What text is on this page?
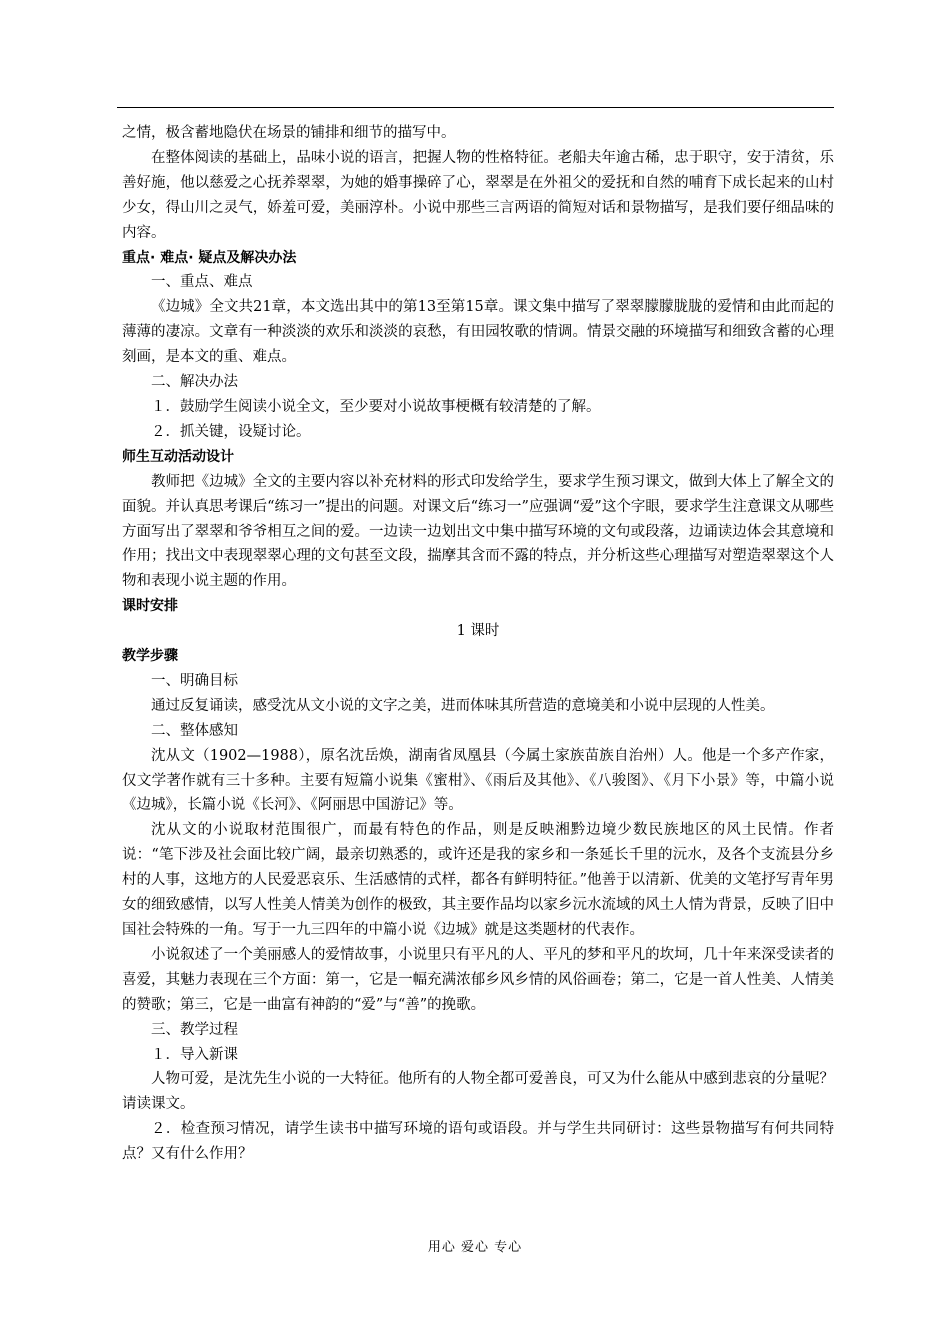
之情，极含蓄地隐伏在场景的铺排和细节的描写中。

在整体阅读的基础上，品味小说的语言，把握人物的性格特征。老船夫年逾古稀，忠于职守，安于清贫，乐善好施，他以慈爱之心抚养翠翠，为她的婚事操碎了心，翠翠是在外祖父的爱抚和自然的哺育下成长起来的山村少女，得山川之灵气，娇羞可爱，美丽淳朴。小说中那些三言两语的简短对话和景物描写，是我们要仔细品味的内容。

重点· 难点· 疑点及解决办法

一、重点、难点

《边城》全文共21章，本文选出其中的第13至第15章。课文集中描写了翠翠朦朦胧胧的爱情和由此而起的薄薄的凄凉。文章有一种淡淡的欢乐和淡淡的哀愁，有田园牧歌的情调。情景交融的环境描写和细致含蓄的心理刻画，是本文的重、难点。

二、解决办法

１．鼓励学生阅读小说全文，至少要对小说故事梗概有较清楚的了解。

２．抓关键，设疑讨论。

师生互动活动设计

教师把《边城》全文的主要内容以补充材料的形式印发给学生，要求学生预习课文，做到大体上了解全文的面貌。并认真思考课后“练习一”提出的问题。对课文后“练习一”应强调“爱”这个字眼，要求学生注意课文从哪些方面写出了翠翠和爷爷相互之间的爱。一边读一边划出文中集中描写环境的文句或段落，边诵读边体会其意境和作用；找出文中表现翠翠心理的文句甚至文段，揣摩其含而不露的特点，并分析这些心理描写对塑造翠翠这个人物和表现小说主题的作用。

课时安排

1 课时

教学步骤

一、明确目标

通过反复诵读，感受沈从文小说的文字之美，进而体味其所营造的意境美和小说中层现的人性美。

二、整体感知

沈从文（1902—1988），原名沈岳焕，湖南省凤凰县（今属土家族苗族自治州）人。他是一个多产作家，仅文学著作就有三十多种。主要有短篇小说集《蜜柑》、《雨后及其他》、《八骏图》、《月下小景》等，中篇小说《边城》，长篇小说《长河》、《阿丽思中国游记》等。

沈从文的小说取材范围很广，而最有特色的作品，则是反映湘黔边境少数民族地区的风土民情。作者说：“笔下涉及社会面比较广阔，最亲切熟悉的，或许还是我的家乡和一条延长千里的沅水，及各个支流县分乡村的人事，这地方的人民爱恶哀乐、生活感情的式样，都各有鲜明特征。”他善于以清新、优美的文笔抒写青年男女的细致感情，以写人性美人情美为创作的极致，其主要作品均以家乡沅水流域的风土人情为背景，反映了旧中国社会特殊的一角。写于一九三四年的中篇小说《边城》就是这类题材的代表作。

小说叙述了一个美丽感人的爱情故事，小说里只有平凡的人、平凡的梦和平凡的坎坷，几十年来深受读者的喜爱，其魅力表现在三个方面：第一，它是一幅充满浓郁乡风乡情的风俗画卷；第二，它是一首人性美、人情美的赞歌；第三，它是一曲富有神韵的“爱”与“善”的挽歌。

三、教学过程

１．导入新课

人物可爱，是沈先生小说的一大特征。他所有的人物全都可爱善良，可又为什么能从中感到悲哀的分量呢？请读课文。

２．检查预习情况，请学生读书中描写环境的语句或语段。并与学生共同研讨：这些景物描写有何共同特点？又有什么作用？

用心 爱心 专心
